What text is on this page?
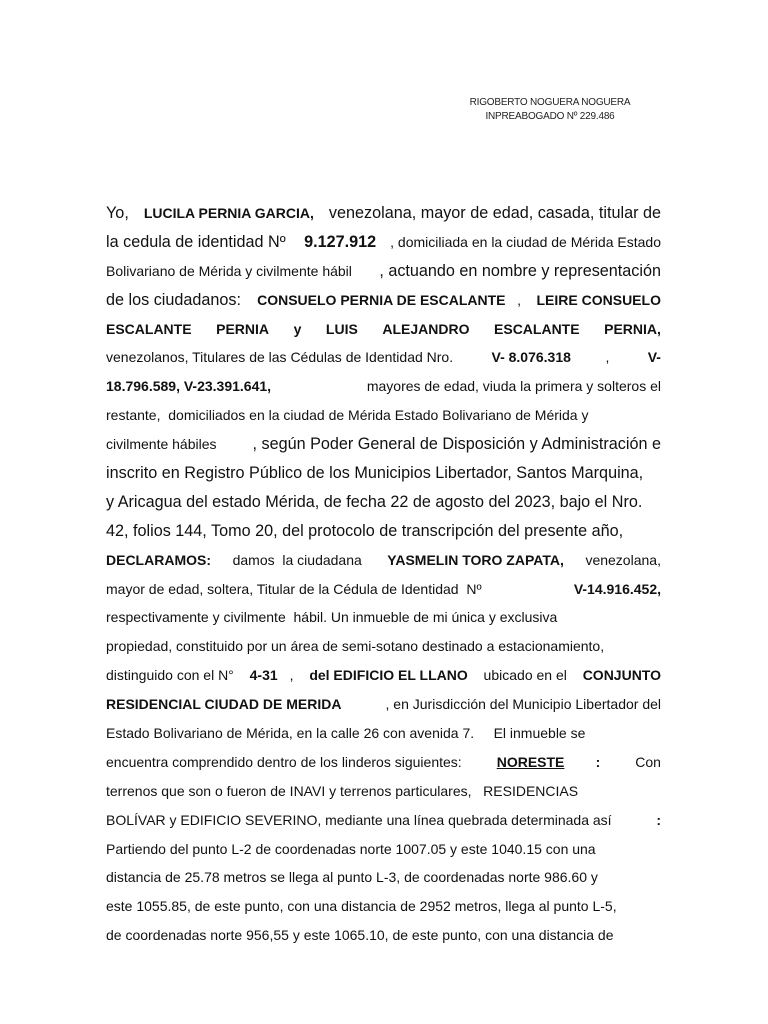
RIGOBERTO NOGUERA NOGUERA
INPREABOGADO Nº 229.486
Yo, LUCILA PERNIA GARCIA, venezolana, mayor de edad, casada, titular de
la cedula de identidad Nº 9.127.912 , domiciliada en la ciudad de Mérida Estado
Bolivariano de Mérida y civilmente hábil , actuando en nombre y representación
de los ciudadanos: CONSUELO PERNIA DE ESCALANTE , LEIRE CONSUELO
ESCALANTE PERNIA y LUIS ALEJANDRO ESCALANTE PERNIA,
venezolanos, Titulares de las Cédulas de Identidad Nro. V- 8.076.318 , V-
18.796.589, V-23.391.641,	mayores de edad, viuda la primera y solteros el
restante,  domiciliados en la ciudad de Mérida Estado Bolivariano de Mérida y
civilmente hábiles , según Poder General de Disposición y Administración e
inscrito en Registro Público de los Municipios Libertador, Santos Marquina,
y Aricagua del estado Mérida, de fecha 22 de agosto del 2023, bajo el Nro.
42, folios 144, Tomo 20, del protocolo de transcripción del presente año,
DECLARAMOS: damos  la ciudadana YASMELIN TORO ZAPATA, venezolana,
mayor de edad, soltera, Titular de la Cédula de Identidad  Nº	V-14.916.452,
respectivamente y civilmente  hábil. Un inmueble de mi única y exclusiva
propiedad, constituido por un área de semi-sotano destinado a estacionamiento,
distinguido con el N° 4-31 , del EDIFICIO EL LLANO ubicado en el CONJUNTO
RESIDENCIAL CIUDAD DE MERIDA	, en Jurisdicción del Municipio Libertador del
Estado Bolivariano de Mérida, en la calle 26 con avenida 7.     El inmueble se
encuentra comprendido dentro de los linderos siguientes: NORESTE : Con
terrenos que son o fueron de INAVI y terrenos particulares,   RESIDENCIAS
BOLÍVAR y EDIFICIO SEVERINO, mediante una línea quebrada determinada así	:
Partiendo del punto L-2 de coordenadas norte 1007.05 y este 1040.15 con una
distancia de 25.78 metros se llega al punto L-3, de coordenadas norte 986.60 y
este 1055.85, de este punto, con una distancia de 2952 metros, llega al punto L-5,
de coordenadas norte 956,55 y este 1065.10, de este punto, con una distancia de
